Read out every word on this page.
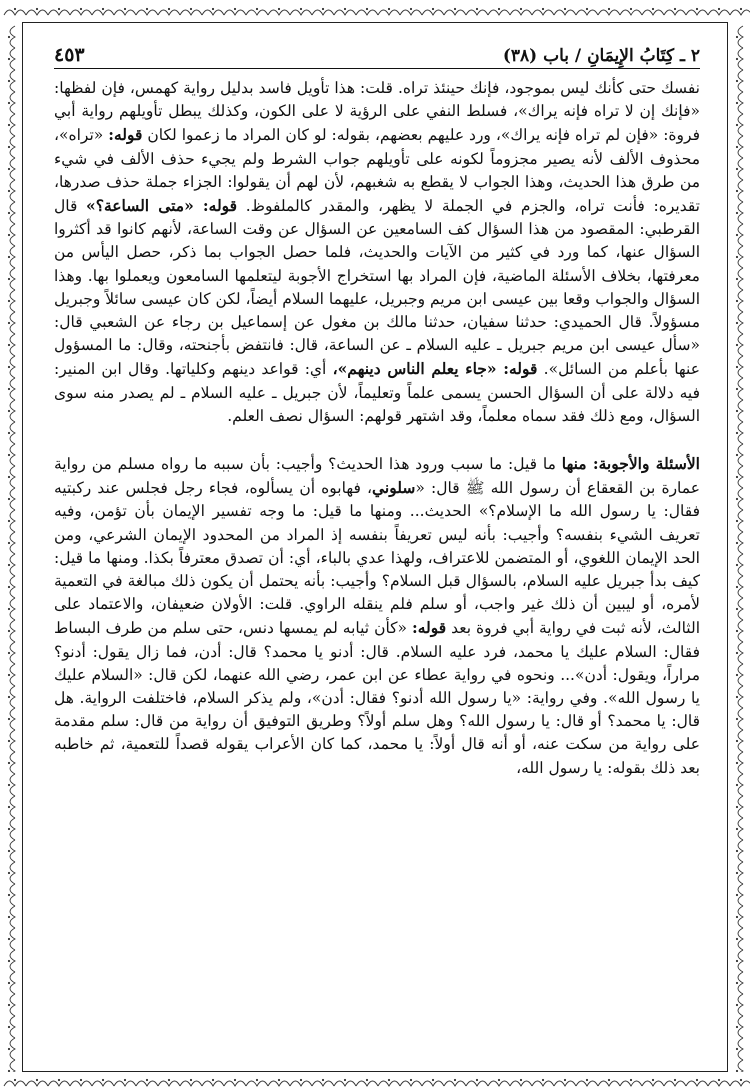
٢ ـ كِتَابُ الإِيمَانِ / باب (٣٨)
٤٥٣

نفسك حتى كأنك ليس بموجود، فإنك حينئذ تراه. قلت: هذا تأويل فاسد بدليل رواية كهمس، فإن لفظها: «فإنك إن لا تراه فإنه يراك»، فسلط النفي على الرؤية لا على الكون، وكذلك يبطل تأويلهم رواية أبي فروة: «فإن لم تراه فإنه يراك»، ورد عليهم بعضهم، بقوله: لو كان المراد ما زعموا لكان قوله: «تراه»، محذوف الألف لأنه يصير مجزوماً لكونه على تأويلهم جواب الشرط ولم يجيء حذف الألف في شيء من طرق هذا الحديث، وهذا الجواب لا يقطع به شغبهم، لأن لهم أن يقولوا: الجزاء جملة حذف صدرها، تقديره: فأنت تراه، والجزم في الجملة لا يظهر، والمقدر كالملفوظ. قوله: «متى الساعة؟» قال القرطبي: المقصود من هذا السؤال كف السامعين عن السؤال عن وقت الساعة، لأنهم كانوا قد أكثروا السؤال عنها، كما ورد في كثير من الآيات والحديث، فلما حصل الجواب بما ذكر، حصل اليأس من معرفتها، بخلاف الأسئلة الماضية، فإن المراد بها استخراج الأجوبة ليتعلمها السامعون ويعملوا بها. وهذا السؤال والجواب وقعا بين عيسى ابن مريم وجبريل، عليهما السلام أيضاً، لكن كان عيسى سائلاً وجبريل مسؤولاً. قال الحميدي: حدثنا سفيان، حدثنا مالك بن مغول عن إسماعيل بن رجاء عن الشعبي قال: «سأل عيسى ابن مريم جبريل ـ عليه السلام ـ عن الساعة، قال: فانتفض بأجنحته، وقال: ما المسؤول عنها بأعلم من السائل». قوله: «جاء يعلم الناس دينهم»، أي: قواعد دينهم وكلياتها. وقال ابن المنير: فيه دلالة على أن السؤال الحسن يسمى علماً وتعليماً، لأن جبريل ـ عليه السلام ـ لم يصدر منه سوى السؤال، ومع ذلك فقد سماه معلماً، وقد اشتهر قولهم: السؤال نصف العلم.

الأسئلة والأجوبة: منها ما قيل: ما سبب ورود هذا الحديث؟ وأجيب: بأن سببه ما رواه مسلم من رواية عمارة بن القعقاع أن رسول الله ﷺ قال: «سلوني، فهابوه أن يسألوه، فجاء رجل فجلس عند ركبتيه فقال: يا رسول الله ما الإسلام؟» الحديث... ومنها ما قيل: ما وجه تفسير الإيمان بأن تؤمن، وفيه تعريف الشيء بنفسه؟ وأجيب: بأنه ليس تعريفاً بنفسه إذ المراد من المحدود الإيمان الشرعي، ومن الحد الإيمان اللغوي، أو المتضمن للاعتراف، ولهذا عدي بالباء، أي: أن تصدق معترفاً بكذا. ومنها ما قيل: كيف بدأ جبريل عليه السلام، بالسؤال قبل السلام؟ وأجيب: بأنه يحتمل أن يكون ذلك مبالغة في التعمية لأمره، أو ليبين أن ذلك غير واجب، أو سلم فلم ينقله الراوي. قلت: الأولان ضعيفان، والاعتماد على الثالث، لأنه ثبت في رواية أبي فروة بعد قوله: «كأن ثيابه لم يمسها دنس، حتى سلم من طرف البساط فقال: السلام عليك يا محمد، فرد عليه السلام. قال: أدنو يا محمد؟ قال: أدن، فما زال يقول: أدنو؟ مراراً، ويقول: أدن»... ونحوه في رواية عطاء عن ابن عمر، رضي الله عنهما، لكن قال: «السلام عليك يا رسول الله». وفي رواية: «يا رسول الله أدنو؟ فقال: أدن»، ولم يذكر السلام، فاختلفت الرواية. هل قال: يا محمد؟ أو قال: يا رسول الله؟ وهل سلم أولاً؟ وطريق التوفيق أن رواية من قال: سلم مقدمة على رواية من سكت عنه، أو أنه قال أولاً: يا محمد، كما كان الأعراب يقوله قصداً للتعمية، ثم خاطبه بعد ذلك بقوله: يا رسول الله،
